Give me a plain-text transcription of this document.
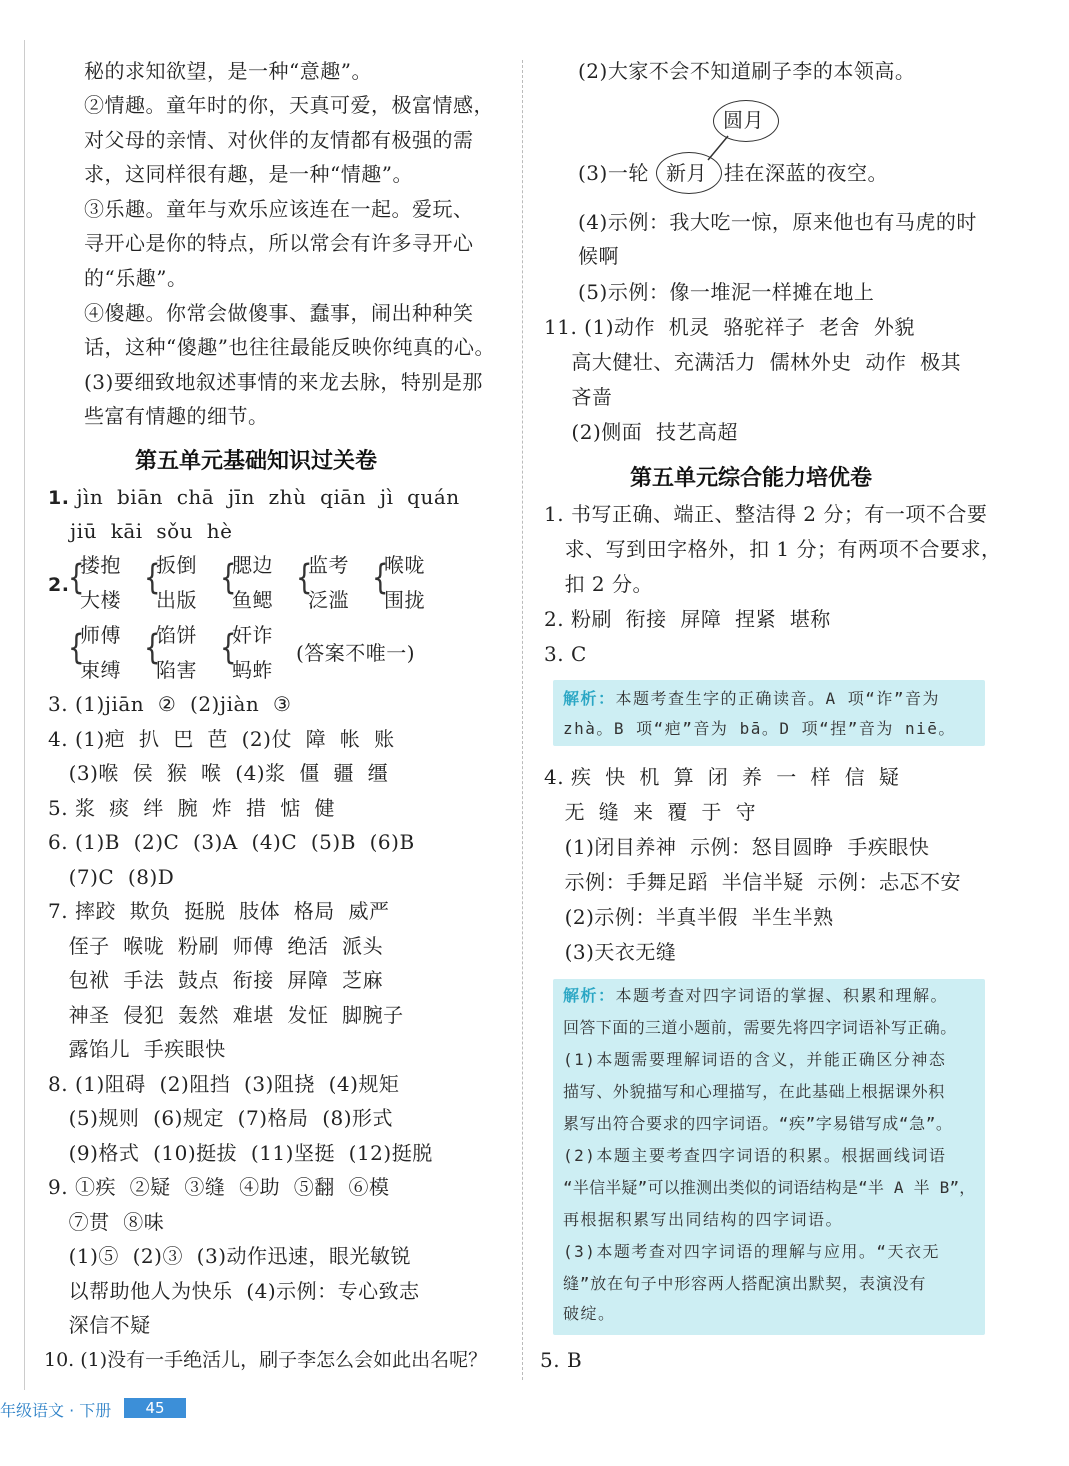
秘的求知欲望，是一种“意趣”。
②情趣。童年时的你，天真可爱，极富情感，
对父母的亲情、对伙伴的友情都有极强的需
求，这同样很有趣，是一种“情趣”。
③乐趣。童年与欢乐应该连在一起。爱玩、
寻开心是你的特点，所以常会有许多寻开心
的“乐趣”。
④傻趣。你常会做傻事、蠢事，闹出种种笑
话，这种“傻趣”也往往最能反映你纯真的心。
(3)要细致地叙述事情的来龙去脉，特别是那
些富有情趣的细节。
第五单元基础知识过关卷
1. jìn  biān  chā  jīn  zhù  qiān  jì  quán
jiū  kāi  sǒu  hè
2.
{
搂抱
大楼
{
扳倒
出版
{
腮边
鱼鳃
{
监考
泛滥
{
喉咙
围拢
{
师傅
束缚
{
馅饼
陷害
{
奸诈
蚂蚱
(答案不唯一)
3. (1)jiān  ②  (2)jiàn  ③
4. (1)疤  扒  巴  芭  (2)仗  障  帐  账
(3)喉  侯  猴  喉  (4)浆  僵  疆  缰
5. 浆  痰  绊  腕  炸  措  惦  健
6. (1)B  (2)C  (3)A  (4)C  (5)B  (6)B
(7)C  (8)D
7. 摔跤  欺负  挺脱  肢体  格局  威严
侄子  喉咙  粉刷  师傅  绝活  派头
包袱  手法  鼓点  衔接  屏障  芝麻
神圣  侵犯  轰然  难堪  发怔  脚腕子
露馅儿  手疾眼快
8. (1)阻碍  (2)阻挡  (3)阻挠  (4)规矩
(5)规则  (6)规定  (7)格局  (8)形式
(9)格式  (10)挺拔  (11)坚挺  (12)挺脱
9. ①疾  ②疑  ③缝  ④助  ⑤翻  ⑥模
⑦贯  ⑧味
(1)⑤  (2)③  (3)动作迅速，眼光敏锐
以帮助他人为快乐  (4)示例：专心致志
深信不疑
10. (1)没有一手绝活儿，刷子李怎么会如此出名呢？
(2)大家不会不知道刷子李的本领高。
圆月
(3)一轮 新月 挂在深蓝的夜空。
(4)示例：我大吃一惊，原来他也有马虎的时
候啊
(5)示例：像一堆泥一样摊在地上
11. (1)动作  机灵  骆驼祥子  老舍  外貌
高大健壮、充满活力  儒林外史  动作  极其
吝啬
(2)侧面  技艺高超
第五单元综合能力培优卷
1. 书写正确、端正、整洁得 2 分；有一项不合要
求、写到田字格外，扣 1 分；有两项不合要求，
扣 2 分。
2. 粉刷  衔接  屏障  捏紧  堪称
3. C
解析：本题考查生字的正确读音。A 项“诈”音为
zhà。B 项“疤”音为 bā。D 项“捏”音为 niē。
4. 疾  快  机  算  闭  养  一  样  信  疑
无  缝  来  覆  于  守
(1)闭目养神  示例：怒目圆睁  手疾眼快
示例：手舞足蹈  半信半疑  示例：忐忑不安
(2)示例：半真半假  半生半熟
(3)天衣无缝
解析：本题考查对四字词语的掌握、积累和理解。
回答下面的三道小题前，需要先将四字词语补写正确。
(1)本题需要理解词语的含义，并能正确区分神态
描写、外貌描写和心理描写，在此基础上根据课外积
累写出符合要求的四字词语。“疾”字易错写成“急”。
(2)本题主要考查四字词语的积累。根据画线词语
“半信半疑”可以推测出类似的词语结构是“半 A 半 B”，
再根据积累写出同结构的四字词语。
(3)本题考查对四字词语的理解与应用。“天衣无
缝”放在句子中形容两人搭配演出默契，表演没有
破绽。
5. B
年级语文 · 下册	45
